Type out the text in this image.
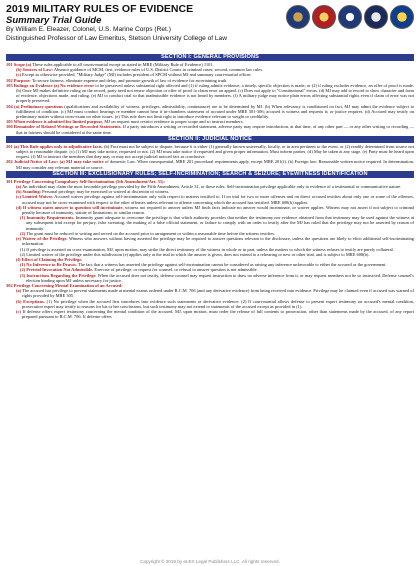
2019 MILITARY RULES OF EVIDENCE
Summary Trial Guide
By William E. Eleazer, Colonel, U.S. Marine Corps (Ret.)
Distinguished Professor of Law Emeritus, Stetson University College of Law
SECTION I: GENERAL PROVISIONS

101 Scope (a) These rules applicable to all courts-martial except as stated in MRE (Military Rule of Evidence) 1101.

(b) Sources of Law: Absence guidance of MCM, first, evidence rules of U.S. District Courts in criminal cases; second, common law rules.

(c) Except as otherwise provided, "Military Judge" (MJ) includes president of SPCM without MJ and summary court-martial officer.

102 Purpose: To secure fairness, eliminate expense and delay, and promote growth of law of evidence for ascertaining truth.

103 Rulings on Evidence (a) No evidence error to be preserved unless substantial right affected and (1) if ruling admits evidence, a timely, specific objection is made; or (2) if ruling excludes evidence, an offer of proof is made. (b) Once MJ makes definitive ruling on the record, party need not renew objection or offer of proof to claim error on appeal. (c) Does not apply to "Constitutional" errors. (d) MJ may add to record to show character and form of evidence, objections made, and ruling. (e) MJ to conduct trial so that inadmissible evidence is not heard by members. (f) A military judge may notice plain errors affecting substantial rights even if claim of error was not properly preserved.

104 (a) Preliminary questions (qualifications and availability of witness, privileges, admissibility, continuance) are to be determined by MJ. (b) When relevancy is conditioned on fact, MJ may admit the evidence subject to fulfillment of condition. (c) MJ must conduct hearings re member cannot hear if in-chambers statement of accused under MRE 301-306; accused is witness and requests it; or justice requires. (d) Accused may testify on preliminary matter without cross-exam on other issues. (e) This rule does not limit right to introduce evidence relevant to weight or credibility.

105 When evidence is admitted for limited purpose, MJ on request must restrict evidence to proper scope and so instruct members.

106 Remainder of Related Writings or Recorded Statements. If a party introduces a writing or recorded statement, adverse party may require introduction, at that time, of any other part — or any other writing or recording — that in fairness should be considered at the same time.

SECTION II: JUDICIAL NOTICE

201 (a) This Rule applies only to adjudicative facts. (b) Fact must not be subject to dispute, because it is either (1) generally known universally, locally, or in area pertinent to the event, or (2) readily determined from source not subject to reasonable dispute. (c) (1) MJ may take notice, requested or not. (2) MJ must take notice if requested and given proper information. Must inform parties. (d) May be taken at any stage. (e) Party must be heard upon request. (f) MJ to instruct the members that they may or may not accept judicial noticed fact as conclusive.

202 Judicial Notice of Law: (a) MJ may take notice of domestic Law. When consequential, MRE 201 procedural requirements apply, except MRE 201(f). (b) Foreign law: Reasonable written notice required. In determination, MJ may consider any relevant material or source.

SECTION III: EXCLUSIONARY RULES; SELF-INCRIMINATION; SEARCH & SEIZURE; EYEWITNESS IDENTIFICATION

301 Privilege Concerning Compulsory Self-Incrimination (5th Amendment/Art. 31):

(a) An individual may claim the most favorable privilege provided by the Fifth Amendment, Article 31, or these rules. Self-incrimination privilege applicable only to evidence of a testimonial or communicative nature.

(b) Standing: Personal privilege; may be exercised or waived at discretion of witness.

(c) Limited Waiver. Accused waives privilege against self-incrimination only with respect to matters testified to. If on trial for two or more offenses and on direct accused testifies about only one or some of the offenses, accused may not be cross-examined with respect to the other offenses unless relevant to offense concerning which the accused has testified. MRE 608(b) applies.

(d) If witness states answer to question will incriminate, witness not required to answer unless MJ finds facts indicate no answer would incriminate, or waiver applies. Witness may not assert if not subject to criminal penalty because of immunity, statute of limitations, or similar reason.

(1) Immunity Requirements. Immunity grant adequate to overcome the privilege is that which authority provides that neither the testimony nor evidence obtained from that testimony may be used against the witness at any subsequent trial except for perjury, false swearing, the making of a false official statement, or failure to comply with an order to testify after the MJ has ruled that the privilege may not be asserted by reason of immunity.

(2) The grant must be reduced to writing and served on the accused prior to arraignment or within a reasonable time before the witness testifies.

(e) Waiver of the Privilege. Witness who answers without having asserted the privilege may be required to answer questions relevant to the disclosure, unless the questions are likely to elicit additional self-incriminating information.

(1) If privilege is asserted on cross-examination, MJ, upon motion, may strike the direct testimony of the witness in whole or in part, unless the matters to which the witness refuses to testify are purely collateral.

(2) Limited waiver of the privilege under this subdivision (e) applies only at the trial in which the answer is given, does not extend to a rehearing or new or other trial, and is subject to MRE 608(b).

(f) Effect of Claiming the Privilege.

(1) No Inference to Be Drawn. The fact that a witness has asserted the privilege against self-incrimination cannot be considered as raising any inference unfavorable to either the accused or the government.

(2) Pretrial Invocation Not Admissible. Exercise of privilege, or request for counsel, or refusal to answer question is not admissible.

(3) Instructions Regarding the Privilege. When the accused does not testify, defense counsel may request instruction to draw no adverse inference from it, or may request members not be so instructed. Defense counsel's election binding upon MJ unless necessary for justice.

302 Privilege Concerning Mental Examination of an Accused:

(a) The accused has privilege to prevent statements made at mental exams ordered under R.C.M. 706 (and any derivative evidence) from being received into evidence. Privilege may be claimed even if accused was warned of rights provided by MRE 305.

(b) Exceptions. (1) No privilege when the accused first introduces into evidence such statements or derivative evidence. (2) If court-martial allows defense to present expert testimony on accused's mental condition, prosecution expert may testify to reasons for his or her conclusions, but such testimony may not extend to statements of the accused except as provided in (1).

(c) If defense offers expert testimony concerning the mental condition of the accused, MJ, upon motion, must order the release of full contents to prosecution, other than statements made by the accused, of any report prepared pursuant to R.C.M. 706. If defense offers

Copyright © 2019 by eLEX Legal Publishers LLC. All rights reserved.
